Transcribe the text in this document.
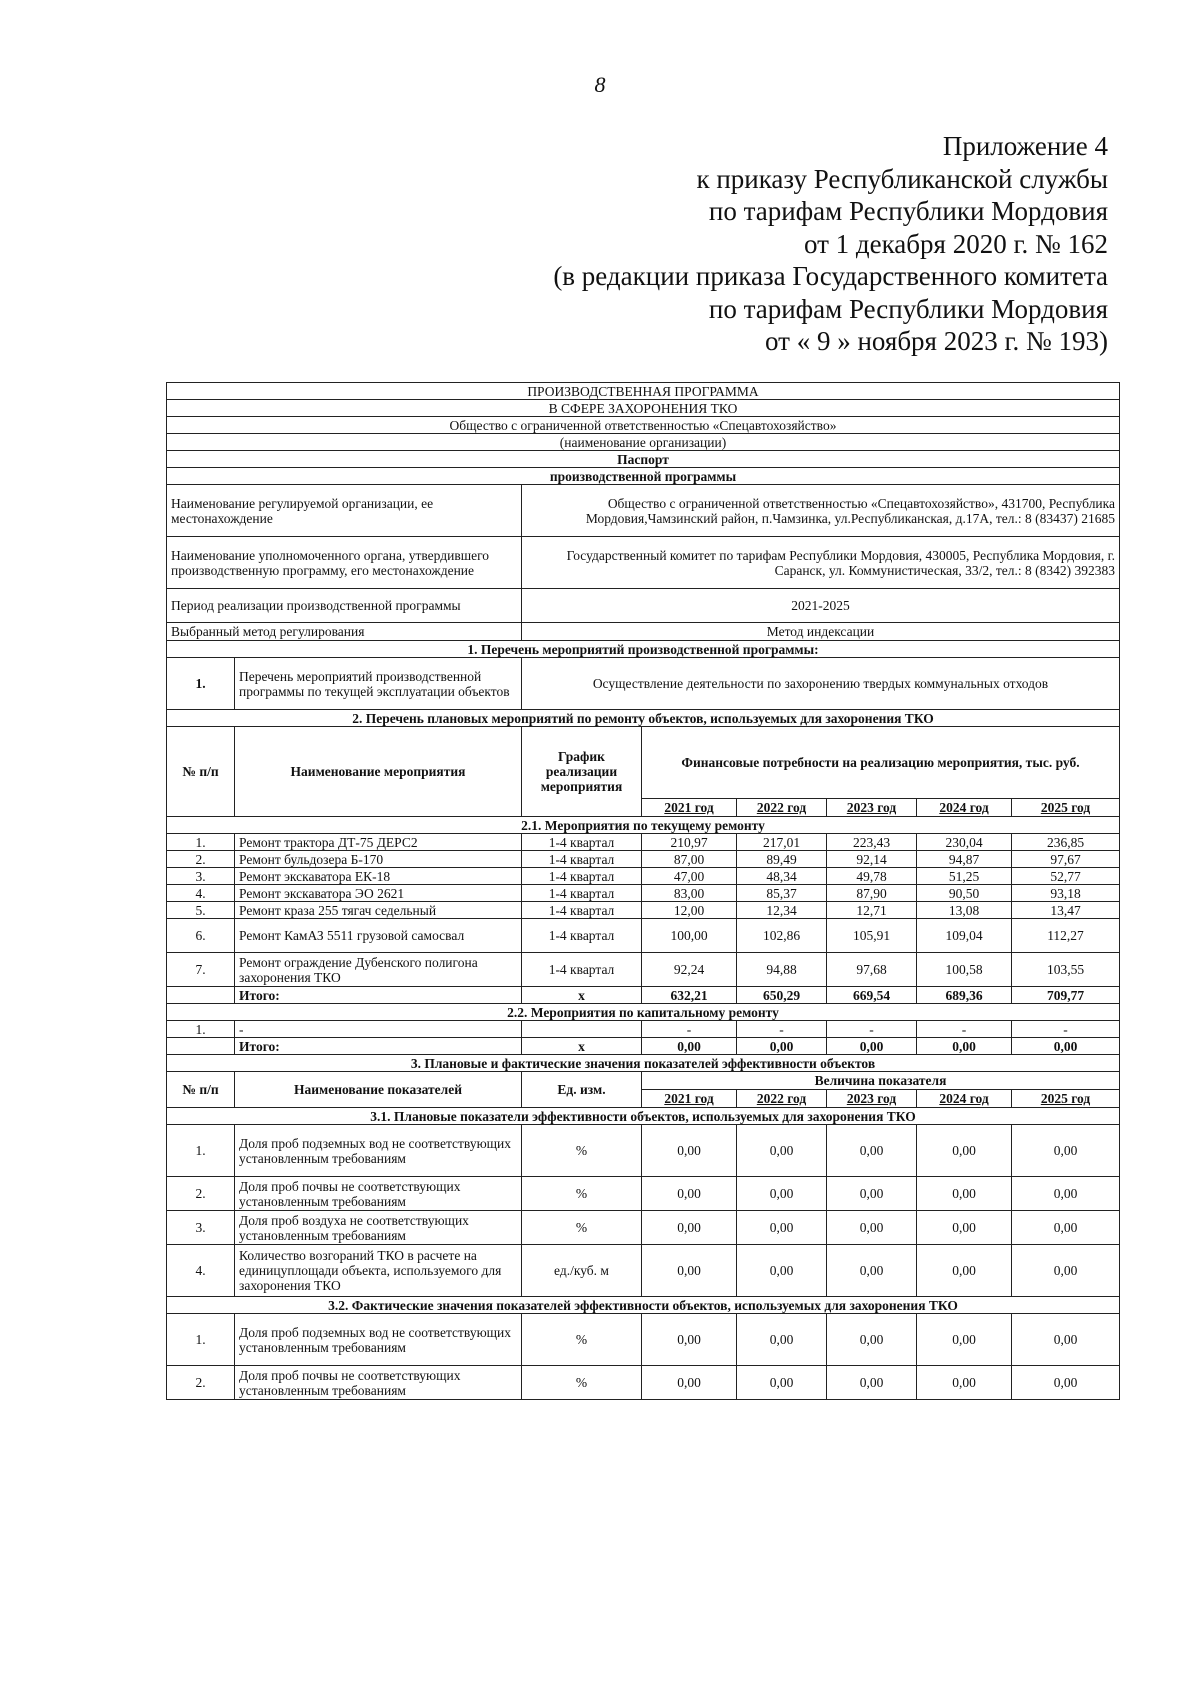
8
Приложение 4
к приказу Республиканской службы
по тарифам Республики Мордовия
от 1 декабря 2020 г. № 162
(в редакции приказа Государственного комитета
по тарифам Республики Мордовия
от « 9 » ноября 2023 г. № 193)
ПРОИЗВОДСТВЕННАЯ ПРОГРАММА							
В СФЕРЕ ЗАХОРОНЕНИЯ ТКО							
Общество с ограниченной ответственностью «Спецавтохозяйство»							
(наименование организации)							
Паспорт							
производственной программы							
Наименование регулируемой организации, ее местонахождение		Общество с ограниченной ответственностью «Спецавтохозяйство», 431700, Республика Мордовия,Чамзинский район, п.Чамзинка, ул.Республиканская, д.17А, тел.: 8 (83437) 21685					
Наименование уполномоченного органа, утвердившего производственную программу, его местонахождение		Государственный комитет по тарифам Республики Мордовия, 430005, Республика Мордовия, г. Саранск, ул. Коммунистическая, 33/2, тел.: 8 (8342) 392383					
Период реализации производственной программы		2021-2025					
Выбранный метод регулирования		Метод индексации					
1. Перечень мероприятий производственной программы:							
1.	Перечень мероприятий производственной программы по текущей эксплуатации объектов	Осуществление деятельности по захоронению твердых коммунальных отходов					
2. Перечень плановых мероприятий по ремонту объектов, используемых для захоронения ТКО							
№ п/п	Наименование мероприятия	График реализации мероприятия	Финансовые потребности на реализацию мероприятия, тыс. руб.				
			2021 год	2022 год	2023 год	2024 год	2025 год
2.1. Мероприятия по текущему ремонту							
1.	Ремонт трактора ДТ-75 ДЕРС2	1-4 квартал	210,97	217,01	223,43	230,04	236,85
2.	Ремонт бульдозера Б-170	1-4 квартал	87,00	89,49	92,14	94,87	97,67
3.	Ремонт экскаватора ЕК-18	1-4 квартал	47,00	48,34	49,78	51,25	52,77
4.	Ремонт экскаватора ЭО 2621	1-4 квартал	83,00	85,37	87,90	90,50	93,18
5.	Ремонт краза 255 тягач седельный	1-4 квартал	12,00	12,34	12,71	13,08	13,47
6.	Ремонт КамАЗ 5511 грузовой самосвал	1-4 квартал	100,00	102,86	105,91	109,04	112,27
7.	Ремонт ограждение Дубенского полигона захоронения ТКО	1-4 квартал	92,24	94,88	97,68	100,58	103,55
	Итого:	х	632,21	650,29	669,54	689,36	709,77
2.2. Мероприятия по капитальному ремонту							
1.	-		-	-	-	-	-
	Итого:	х	0,00	0,00	0,00	0,00	0,00
3. Плановые и фактические значения показателей эффективности объектов							
№ п/п	Наименование показателей	Ед. изм.	Величина показателя				
			2021 год	2022 год	2023 год	2024 год	2025 год
3.1. Плановые показатели эффективности объектов, используемых для захоронения ТКО							
1.	Доля проб подземных вод не соответствующих установленным требованиям	%	0,00	0,00	0,00	0,00	0,00
2.	Доля проб почвы не соответствующих установленным требованиям	%	0,00	0,00	0,00	0,00	0,00
3.	Доля проб воздуха не соответствующих установленным требованиям	%	0,00	0,00	0,00	0,00	0,00
4.	Количество возгораний ТКО в расчете на единицуплощади объекта, используемого для захоронения ТКО	ед./куб. м	0,00	0,00	0,00	0,00	0,00
3.2. Фактические значения показателей эффективности объектов, используемых для захоронения ТКО							
1.	Доля проб подземных вод не соответствующих установленным требованиям	%	0,00	0,00	0,00	0,00	0,00
2.	Доля проб почвы не соответствующих установленным требованиям	%	0,00	0,00	0,00	0,00	0,00
